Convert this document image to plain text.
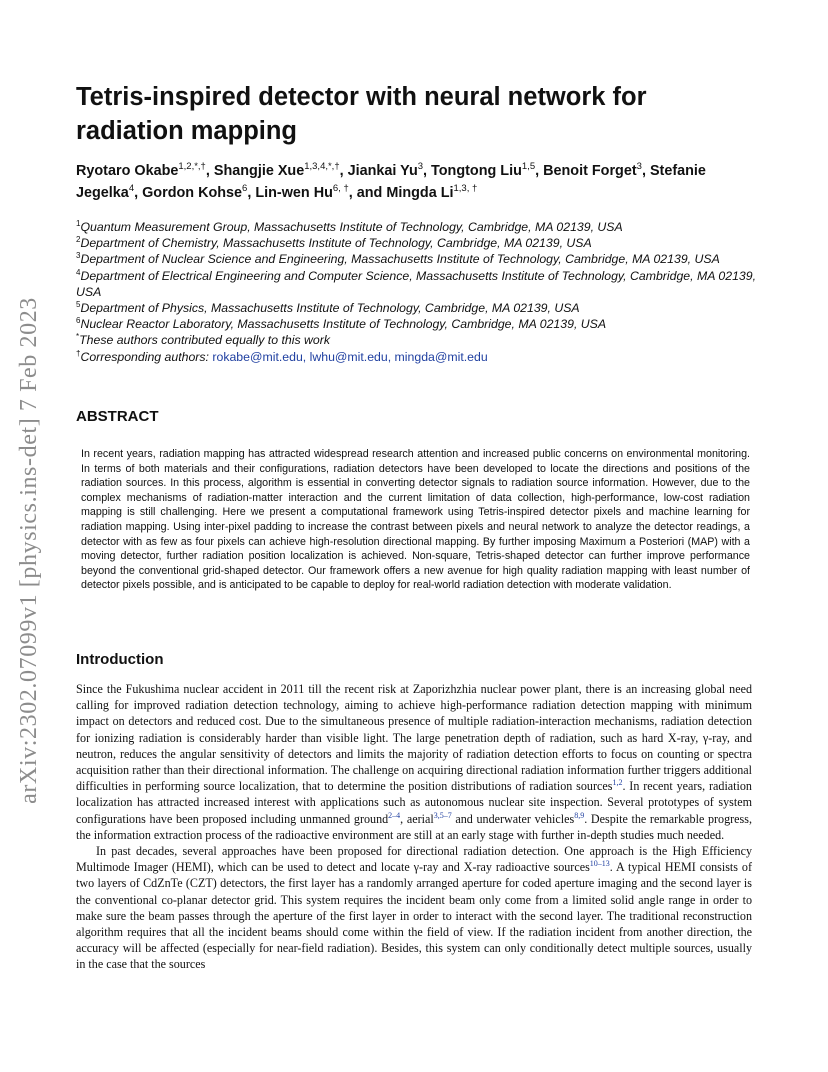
arXiv:2302.07099v1 [physics.ins-det] 7 Feb 2023
Tetris-inspired detector with neural network for radiation mapping
Ryotaro Okabe$^{1,2,*,\dagger}$, Shangjie Xue$^{1,3,4,*,\dagger}$, Jiankai Yu$^3$, Tongtong Liu$^{1,5}$, Benoit Forget$^3$, Stefanie Jegelka$^4$, Gordon Kohse$^6$, Lin-wen $Hu^{6, \dagger}$, and Mingda $Li^{1,3, \dagger}$

$^1$Quantum Measurement Group, Massachusetts Institute of Technology, Cambridge, MA 02139, USA

$^2$Department of Chemistry, Massachusetts Institute of Technology, Cambridge, MA 02139, USA

$^3$Department of Nuclear Science and Engineering, Massachusetts Institute of Technology, Cambridge, MA 02139, USA

$^4$Department of Electrical Engineering and Computer Science, Massachusetts Institute of Technology, Cambridge, MA 02139, USA

$^5$Department of Physics, Massachusetts Institute of Technology, Cambridge, MA 02139, USA

$^6$Nuclear Reactor Laboratory, Massachusetts Institute of Technology, Cambridge, MA 02139, USA

*These authors contributed equally to this work

†Corresponding authors: rokabe@mit.edu, lwhu@mit.edu, mingda@mit.edu

ABSTRACT
In recent years, radiation mapping has attracted widespread research attention and increased public concerns on environmental monitoring. In terms of both materials and their configurations, radiation detectors have been developed to locate the directions and positions of the radiation sources. In this process, algorithm is essential in converting detector signals to radiation source information. However, due to the complex mechanisms of radiation-matter interaction and the current limitation of data collection, high-performance, low-cost radiation mapping is still challenging. Here we present a computational framework using Tetris-inspired detector pixels and machine learning for radiation mapping. Using inter-pixel padding to increase the contrast between pixels and neural network to analyze the detector readings, a detector with as few as four pixels can achieve high-resolution directional mapping. By further imposing Maximum a Posteriori (MAP) with a moving detector, further radiation position localization is achieved. Non-square, Tetris-shaped detector can further improve performance beyond the conventional grid-shaped detector. Our framework offers a new avenue for high quality radiation mapping with least number of detector pixels possible, and is anticipated to be capable to deploy for real-world radiation detection with moderate validation.
Introduction

Since the Fukushima nuclear accident in 2011 till the recent risk at Zaporizhzhia nuclear power plant, there is an increasing global need calling for improved radiation detection technology, aiming to achieve high-performance radiation detection mapping with minimum impact on detectors and reduced cost. Due to the simultaneous presence of multiple radiation-interaction mechanisms, radiation detection for ionizing radiation is considerably harder than visible light. The large penetration depth of radiation, such as hard X-ray, γ-ray, and neutron, reduces the angular sensitivity of detectors and limits the majority of radiation detection efforts to focus on counting or spectra acquisition rather than their directional information. The challenge on acquiring directional radiation information further triggers additional difficulties in performing source localization, that to determine the position distributions of radiation sources$^{1,2}$. In recent years, radiation localization has attracted increased interest with applications such as autonomous nuclear site inspection. Several prototypes of system configurations have been proposed including unmanned ground$^{2-4}$, aerial$^{3,5-7}$ and underwater vehicles$^{8,9}$. Despite the remarkable progress, the information extraction process of the radioactive environment are still at an early stage with further in-depth studies much needed.

In past decades, several approaches have been proposed for directional radiation detection. One approach is the High Efficiency Multimode Imager (HEMI), which can be used to detect and locate γ-ray and X-ray radioactive sources$^{10-13}$. A typical HEMI consists of two layers of CdZnTe (CZT) detectors, the first layer has a randomly arranged aperture for coded aperture imaging and the second layer is the conventional co-planar detector grid. This system requires the incident beam only come from a limited solid angle range in order to make sure the beam passes through the aperture of the first layer in order to interact with the second layer. The traditional reconstruction algorithm requires that all the incident beams should come within the field of view. If the radiation incident from another direction, the accuracy will be affected (especially for near-field radiation). Besides, this system can only conditionally detect multiple sources, usually in the case that the sources
